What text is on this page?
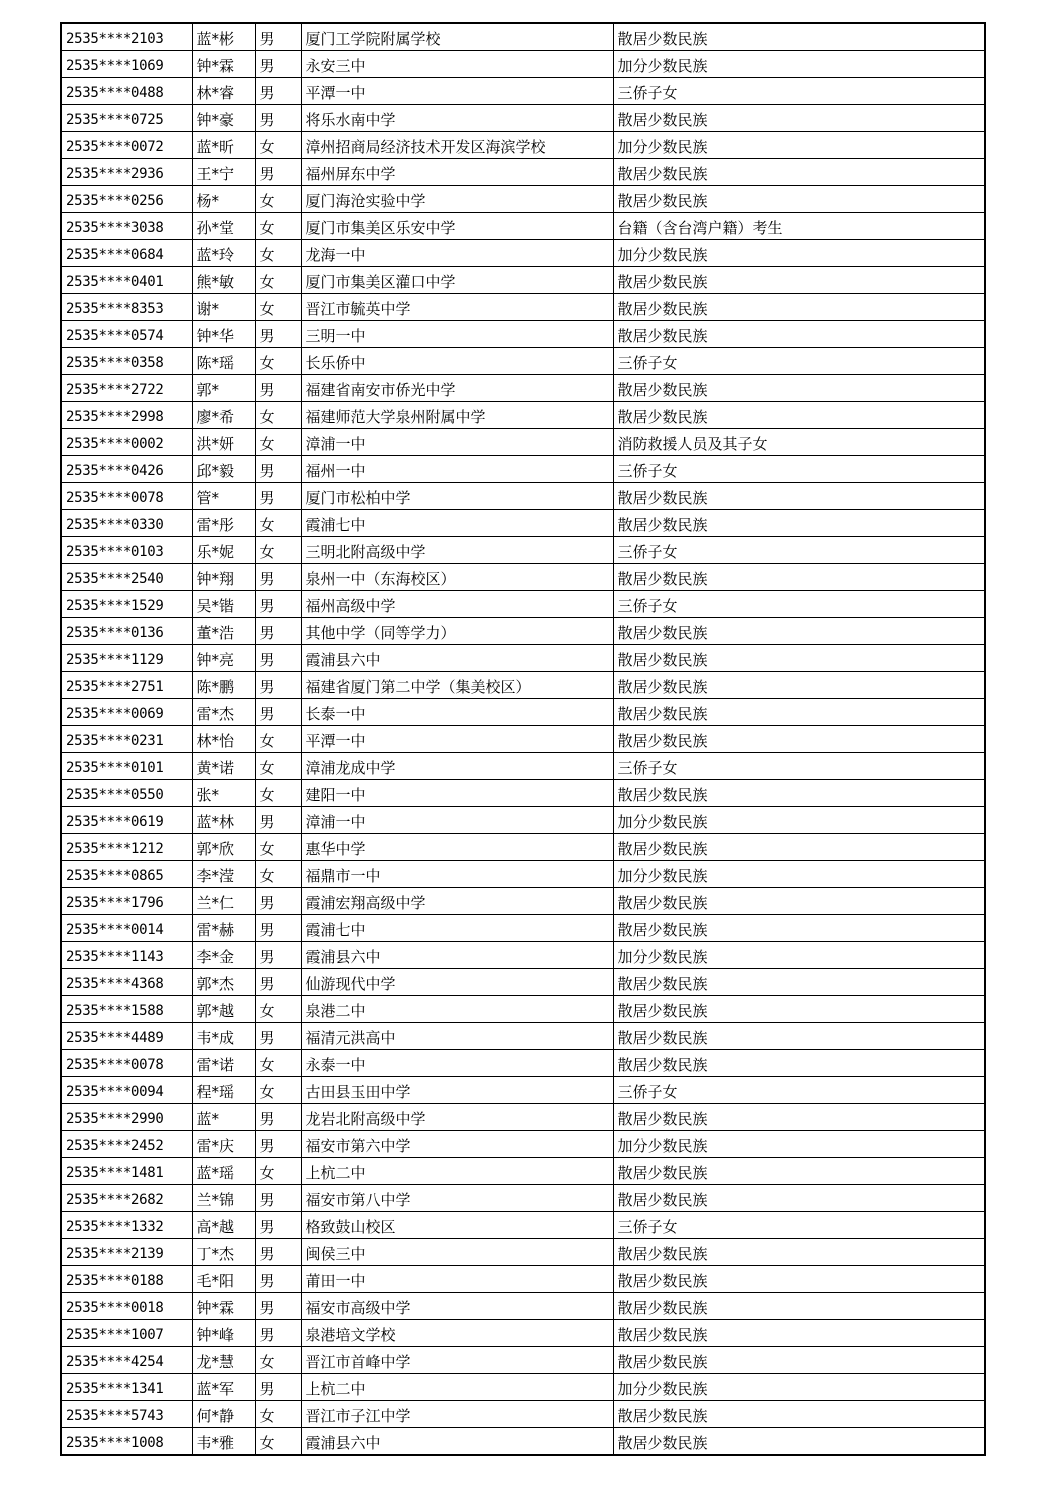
2535****2103	蓝*彬	男	厦门工学院附属学校	散居少数民族
2535****1069	钟*霖	男	永安三中	加分少数民族
2535****0488	林*睿	男	平潭一中	三侨子女
2535****0725	钟*豪	男	将乐水南中学	散居少数民族
2535****0072	蓝*昕	女	漳州招商局经济技术开发区海滨学校	加分少数民族
2535****2936	王*宁	男	福州屏东中学	散居少数民族
2535****0256	杨*	女	厦门海沧实验中学	散居少数民族
2535****3038	孙*堂	女	厦门市集美区乐安中学	台籍（含台湾户籍）考生
2535****0684	蓝*玲	女	龙海一中	加分少数民族
2535****0401	熊*敏	女	厦门市集美区灌口中学	散居少数民族
2535****8353	谢*	女	晋江市毓英中学	散居少数民族
2535****0574	钟*华	男	三明一中	散居少数民族
2535****0358	陈*瑶	女	长乐侨中	三侨子女
2535****2722	郭*	男	福建省南安市侨光中学	散居少数民族
2535****2998	廖*希	女	福建师范大学泉州附属中学	散居少数民族
2535****0002	洪*妍	女	漳浦一中	消防救援人员及其子女
2535****0426	邱*毅	男	福州一中	三侨子女
2535****0078	管*	男	厦门市松柏中学	散居少数民族
2535****0330	雷*彤	女	霞浦七中	散居少数民族
2535****0103	乐*妮	女	三明北附高级中学	三侨子女
2535****2540	钟*翔	男	泉州一中（东海校区）	散居少数民族
2535****1529	吴*锴	男	福州高级中学	三侨子女
2535****0136	董*浩	男	其他中学（同等学力）	散居少数民族
2535****1129	钟*亮	男	霞浦县六中	散居少数民族
2535****2751	陈*鹏	男	福建省厦门第二中学（集美校区）	散居少数民族
2535****0069	雷*杰	男	长泰一中	散居少数民族
2535****0231	林*怡	女	平潭一中	散居少数民族
2535****0101	黄*诺	女	漳浦龙成中学	三侨子女
2535****0550	张*	女	建阳一中	散居少数民族
2535****0619	蓝*林	男	漳浦一中	加分少数民族
2535****1212	郭*欣	女	惠华中学	散居少数民族
2535****0865	李*滢	女	福鼎市一中	加分少数民族
2535****1796	兰*仁	男	霞浦宏翔高级中学	散居少数民族
2535****0014	雷*赫	男	霞浦七中	散居少数民族
2535****1143	李*金	男	霞浦县六中	加分少数民族
2535****4368	郭*杰	男	仙游现代中学	散居少数民族
2535****1588	郭*越	女	泉港二中	散居少数民族
2535****4489	韦*成	男	福清元洪高中	散居少数民族
2535****0078	雷*诺	女	永泰一中	散居少数民族
2535****0094	程*瑶	女	古田县玉田中学	三侨子女
2535****2990	蓝*	男	龙岩北附高级中学	散居少数民族
2535****2452	雷*庆	男	福安市第六中学	加分少数民族
2535****1481	蓝*瑶	女	上杭二中	散居少数民族
2535****2682	兰*锦	男	福安市第八中学	散居少数民族
2535****1332	高*越	男	格致鼓山校区	三侨子女
2535****2139	丁*杰	男	闽侯三中	散居少数民族
2535****0188	毛*阳	男	莆田一中	散居少数民族
2535****0018	钟*霖	男	福安市高级中学	散居少数民族
2535****1007	钟*峰	男	泉港培文学校	散居少数民族
2535****4254	龙*慧	女	晋江市首峰中学	散居少数民族
2535****1341	蓝*军	男	上杭二中	加分少数民族
2535****5743	何*静	女	晋江市子江中学	散居少数民族
2535****1008	韦*雅	女	霞浦县六中	散居少数民族
